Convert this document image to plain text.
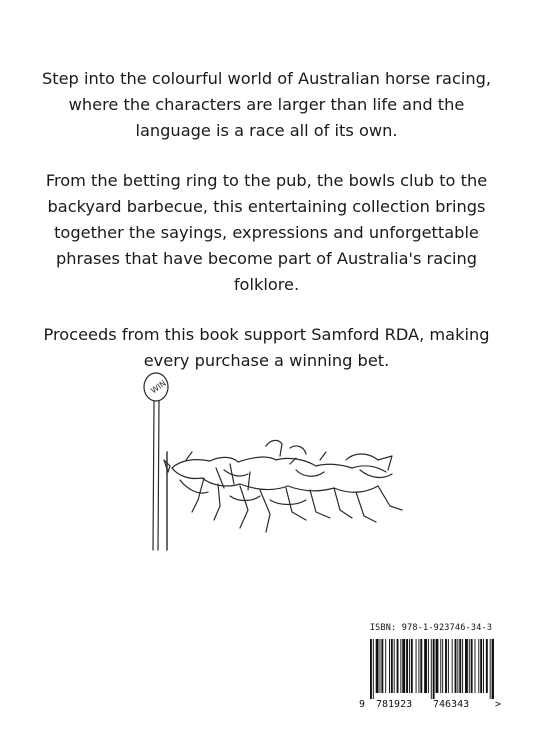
Step into the colourful world of Australian horse racing, where the characters are larger than life and the language is a race all of its own.

From the betting ring to the pub, the bowls club to the backyard barbecue, this entertaining collection brings together the sayings, expressions and unforgettable phrases that have become part of Australia's racing folklore.

Proceeds from this book support Samford RDA, making every purchase a winning bet.

WIN
ISBN: 978-1-923746-34-3
9 781923 746343	>
